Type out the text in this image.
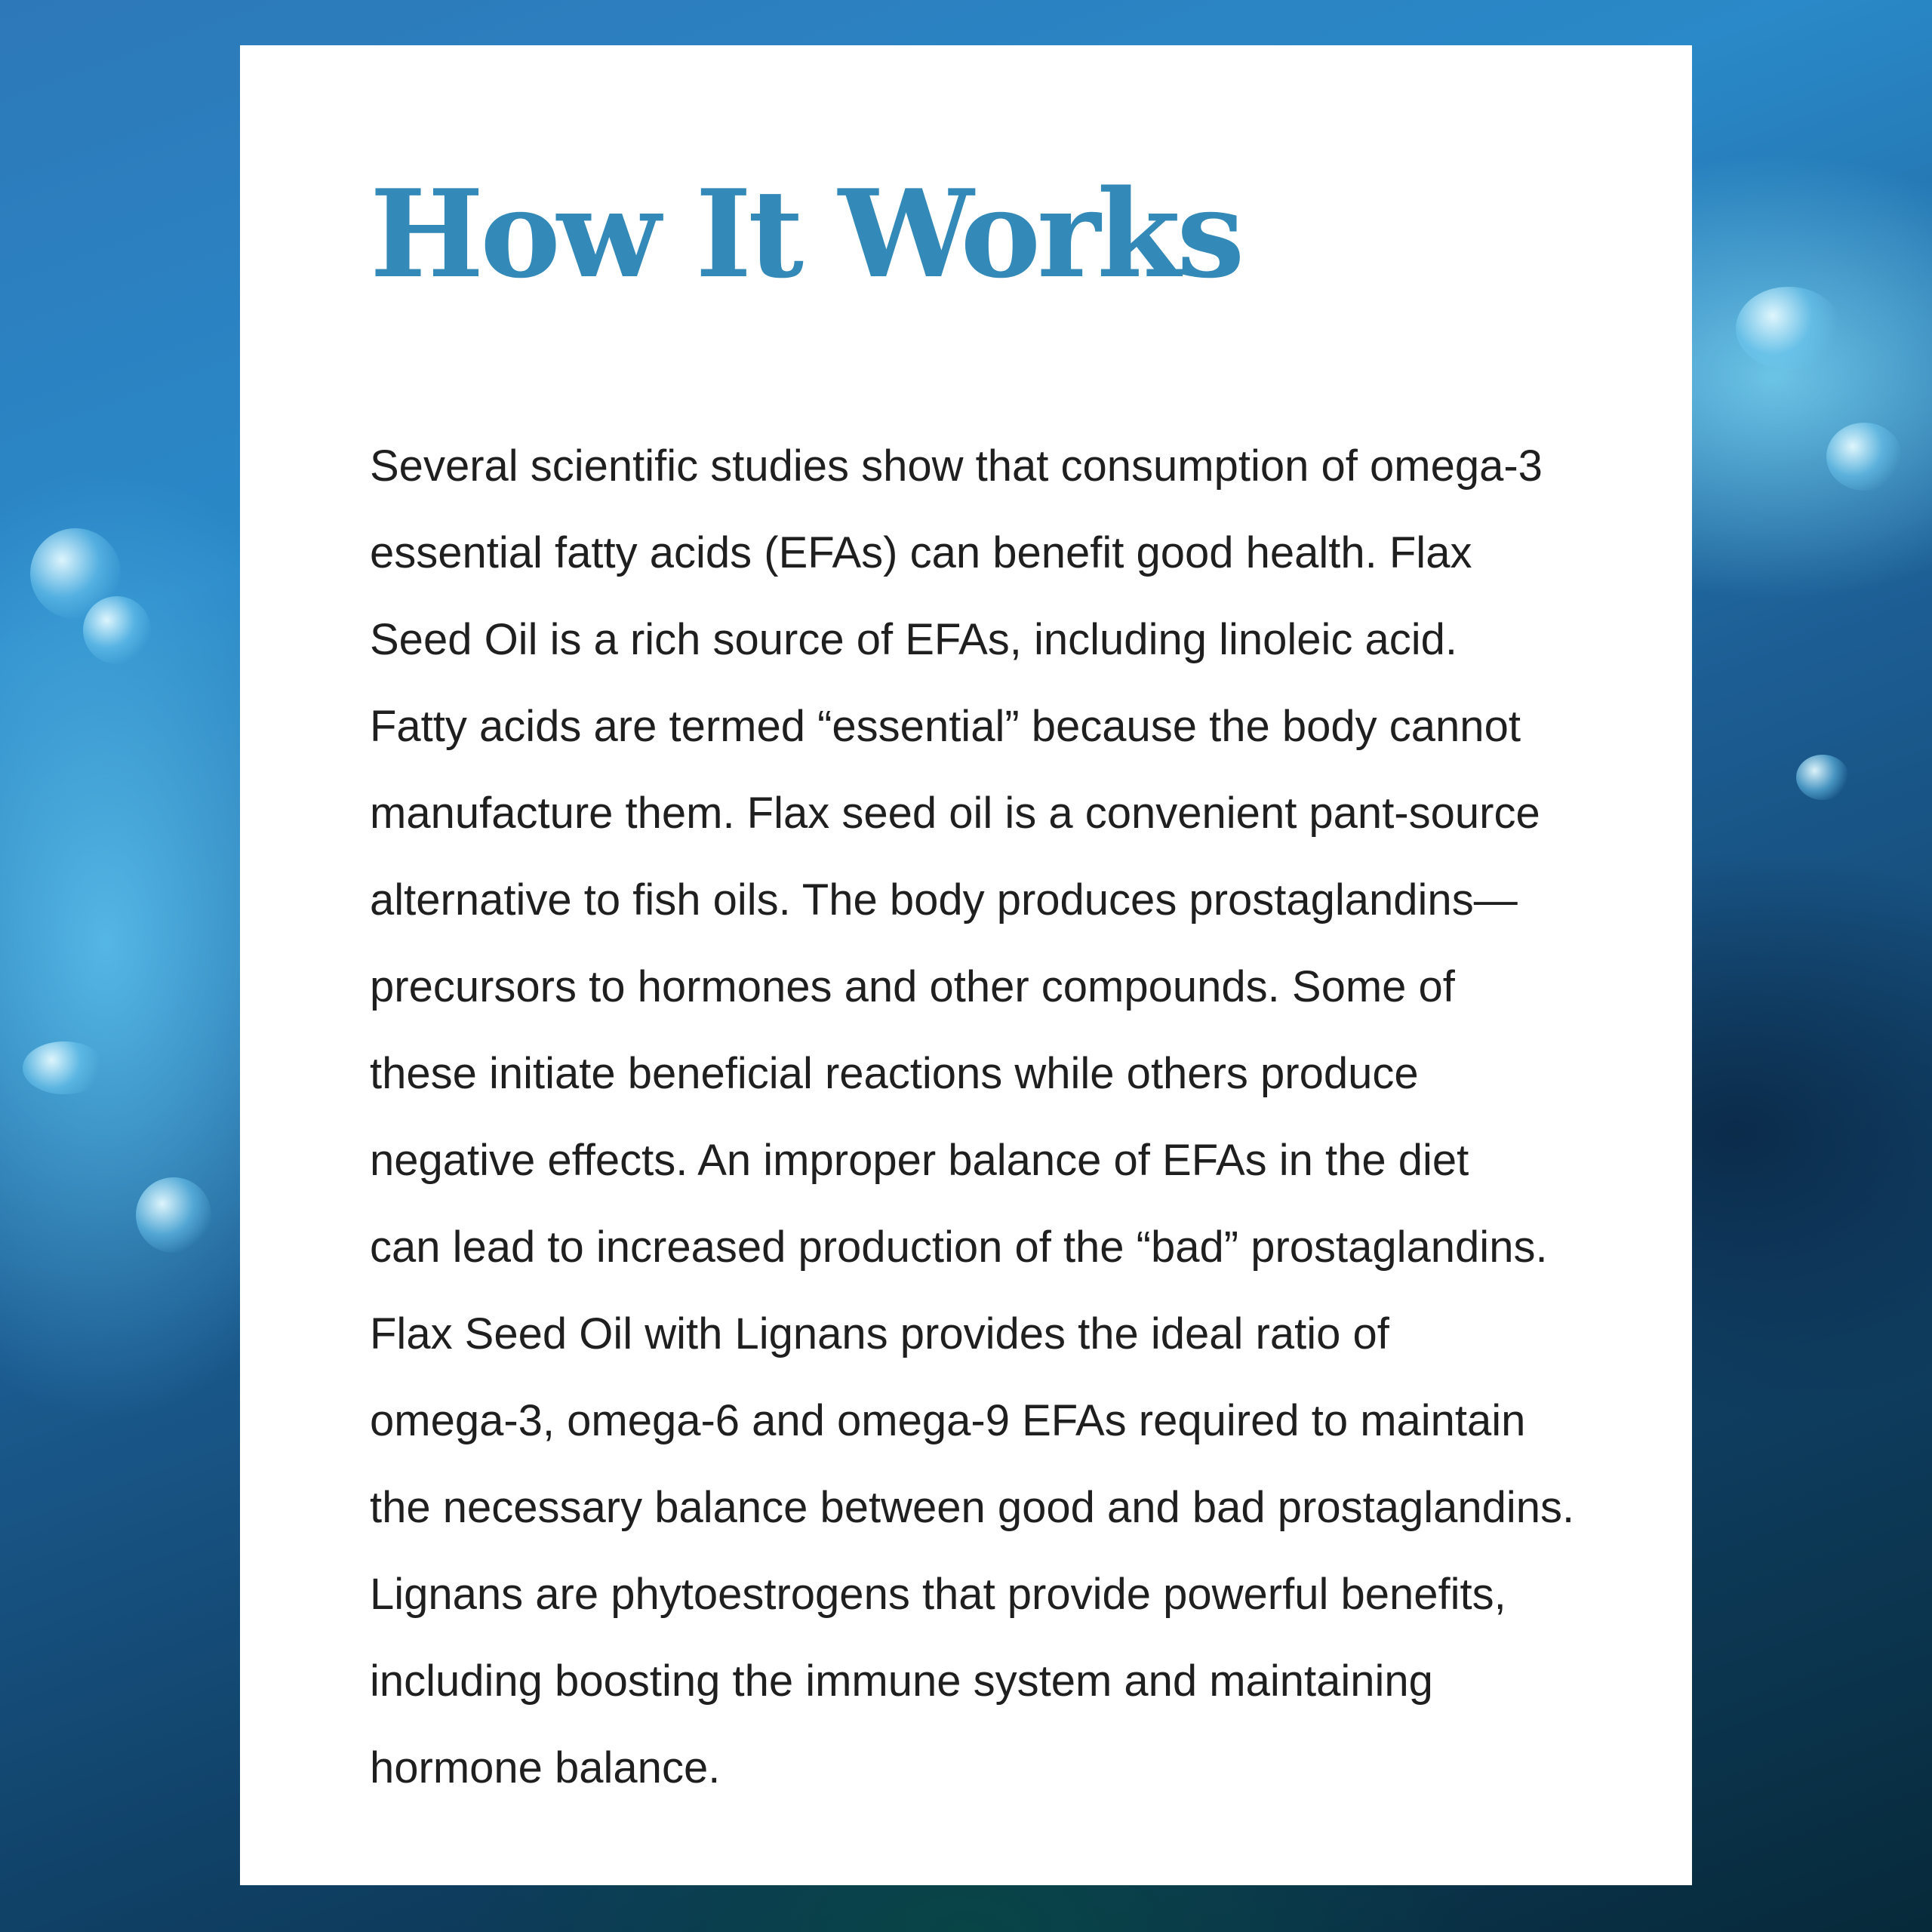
How It Works

Several scientific studies show that consumption of omega-3
essential fatty acids (EFAs) can benefit good health. Flax
Seed Oil is a rich source of EFAs, including linoleic acid.
Fatty acids are termed “essential” because the body cannot
manufacture them. Flax seed oil is a convenient pant-source
alternative to fish oils. The body produces prostaglandins—
precursors to hormones and other compounds. Some of
these initiate beneficial reactions while others produce
negative effects. An improper balance of EFAs in the diet
can lead to increased production of the “bad” prostaglandins.
Flax Seed Oil with Lignans provides the ideal ratio of
omega-3, omega-6 and omega-9 EFAs required to maintain
the necessary balance between good and bad prostaglandins.
Lignans are phytoestrogens that provide powerful benefits,
including boosting the immune system and maintaining
hormone balance.
